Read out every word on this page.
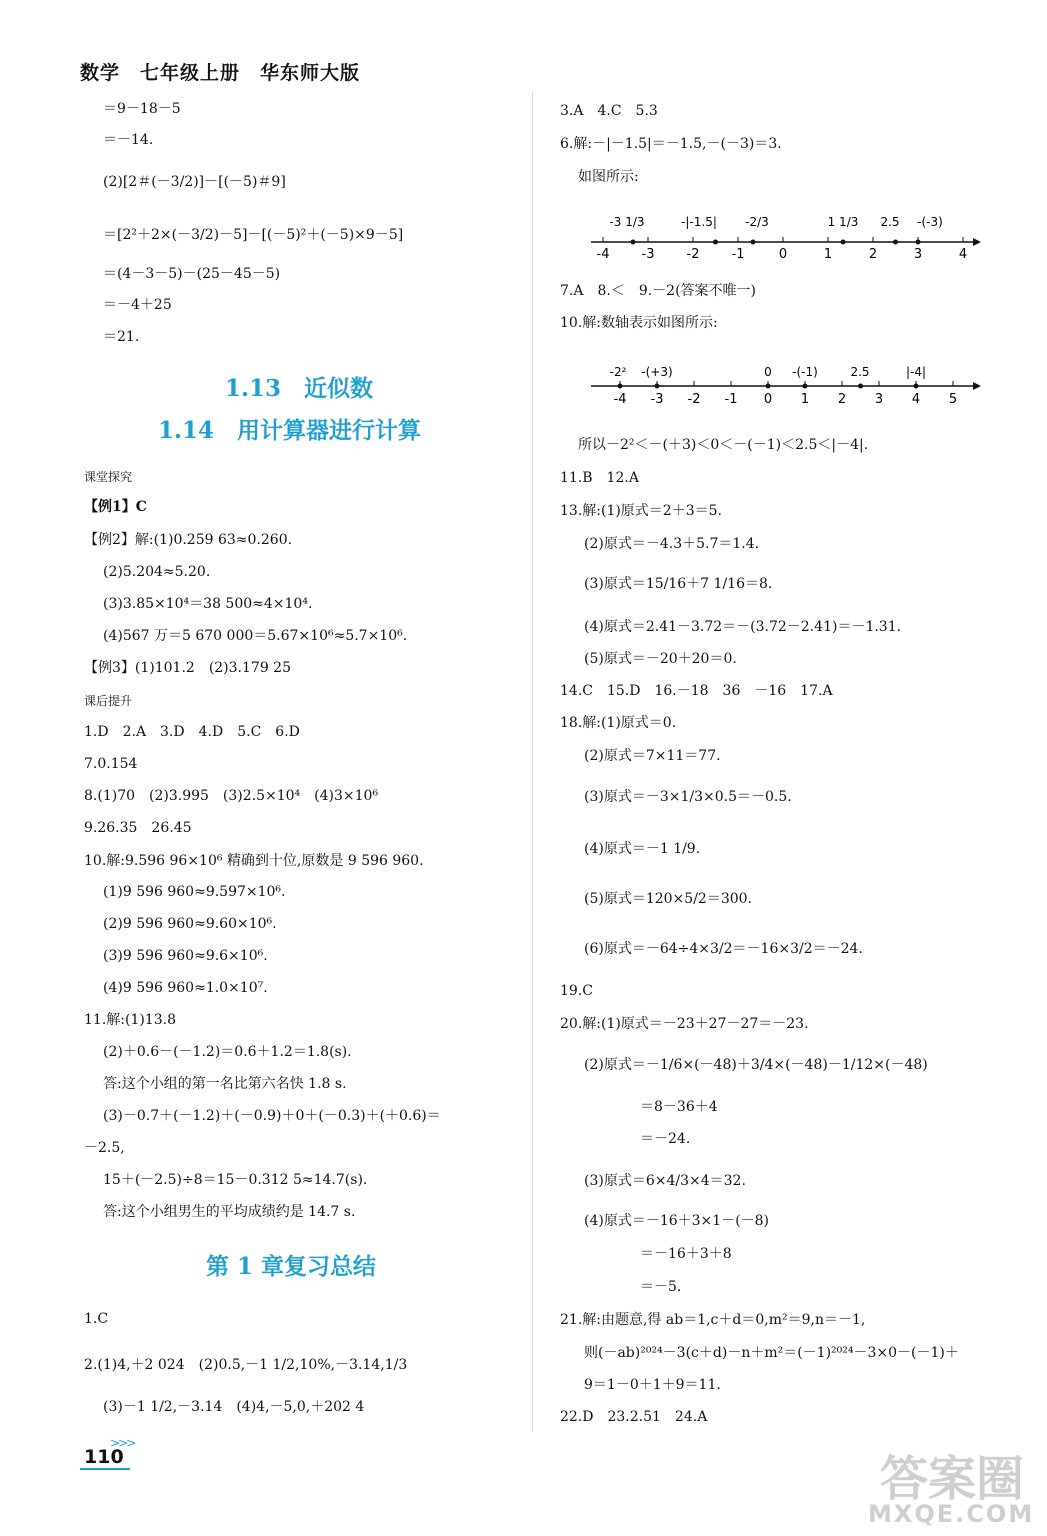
数学　七年级上册　华东师大版
＝9－18－5
＝－14.
(2)[2＃(－3/2)]－[(－5)＃9]
＝[2²＋2×(－3/2)－5]－[(－5)²＋(－5)×9－5]
＝(4－3－5)－(25－45－5)
＝－4＋25
＝21.
1.13　近似数
1.14　用计算器进行计算
课堂探究
【例1】C
【例2】解:(1)0.259 63≈0.260.
(2)5.204≈5.20.
(3)3.85×10⁴＝38 500≈4×10⁴.
(4)567 万＝5 670 000＝5.67×10⁶≈5.7×10⁶.
【例3】(1)101.2　(2)3.179 25
课后提升
1.D　2.A　3.D　4.D　5.C　6.D
7.0.154
8.(1)70　(2)3.995　(3)2.5×10⁴　(4)3×10⁶
9.26.35　26.45
10.解:9.596 96×10⁶ 精确到十位,原数是 9 596 960.
(1)9 596 960≈9.597×10⁶.
(2)9 596 960≈9.60×10⁶.
(3)9 596 960≈9.6×10⁶.
(4)9 596 960≈1.0×10⁷.
11.解:(1)13.8
(2)＋0.6－(－1.2)＝0.6＋1.2＝1.8(s).
答:这个小组的第一名比第六名快 1.8 s.
(3)－0.7＋(－1.2)＋(－0.9)＋0＋(－0.3)＋(＋0.6)＝
－2.5,
15＋(－2.5)÷8＝15－0.312 5≈14.7(s).
答:这个小组男生的平均成绩约是 14.7 s.
第 1 章复习总结
1.C
2.(1)4,＋2 024　(2)0.5,－1 1/2,10%,－3.14,1/3
(3)－1 1/2,－3.14　(4)4,－5,0,＋202 4
>>>
110
3.A　4.C　5.3
6.解:－|－1.5|＝－1.5,－(－3)＝3.
如图所示:
-4 -3 -2 -1	0	1	2	3	4
-3 1/3	-|-1.5| -2/3	1 1/3 2.5 -(-3)
7.A　8.＜　9.－2(答案不唯一)
10.解:数轴表示如图所示:
-4 -3 -2 -1 0 1 2 3 4 5
-2² -(+3)	0 -(-1)	2.5	|-4|
所以－2²＜－(＋3)＜0＜－(－1)＜2.5＜|－4|.
11.B　12.A
13.解:(1)原式＝2＋3＝5.
(2)原式＝－4.3＋5.7＝1.4.
(3)原式＝15/16＋7 1/16＝8.
(4)原式＝2.41－3.72＝－(3.72－2.41)＝－1.31.
(5)原式＝－20＋20＝0.
14.C　15.D　16.－18　36　－16　17.A
18.解:(1)原式＝0.
(2)原式＝7×11＝77.
(3)原式＝－3×1/3×0.5＝－0.5.
(4)原式＝－1 1/9.
(5)原式＝120×5/2＝300.
(6)原式＝－64÷4×3/2＝－16×3/2＝－24.
19.C
20.解:(1)原式＝－23＋27－27＝－23.
(2)原式＝－1/6×(－48)＋3/4×(－48)－1/12×(－48)
＝8－36＋4
＝－24.
(3)原式＝6×4/3×4＝32.
(4)原式＝－16＋3×1－(－8)
＝－16＋3＋8
＝－5.
21.解:由题意,得 ab＝1,c＋d＝0,m²＝9,n＝－1,
则(－ab)²⁰²⁴－3(c＋d)－n＋m²＝(－1)²⁰²⁴－3×0－(－1)＋
9＝1－0＋1＋9＝11.
22.D　23.2.51　24.A
答案圈
MXQE.COM
